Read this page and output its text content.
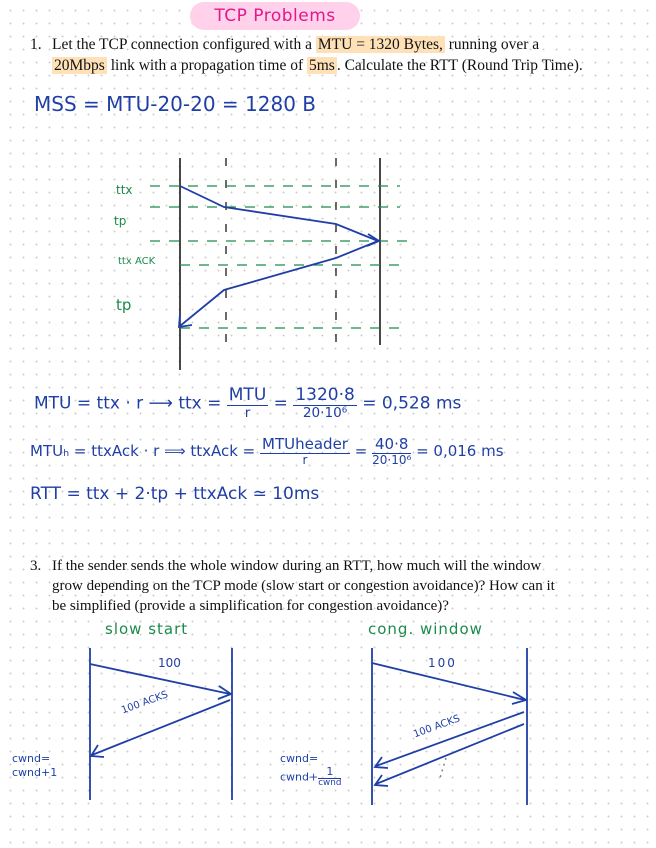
TCP Problems
1. Let the TCP connection configured with a MTU = 1320 Bytes, running over a
20Mbps link with a propagation time of 5ms . Calculate the RTT (Round Trip Time).
MSS = MTU-20-20 = 1280 B
ttx
tp
ttx ACK
tp
MTU = ttx · r ⟶ ttx = $\frac{\text{MTU}}{r} = \frac{1320\cdot 8}{\text{20·10⁶}} = 0,528$ ms
MTUₕ = ttxAck · r ⟹ ttxAck = $\frac{\text{MTUheader}}{r} = \frac{40\cdot 8}{\text{20·10⁶}} = 0,016$ ms
RTT = ttx + 2·tp + ttxAck ≃ 10ms
3. If the sender sends the whole window during an RTT, how much will the window
grow depending on the TCP mode (slow start or congestion avoidance)? How can it
be simplified (provide a simplification for congestion avoidance)?
slow start	cong. window
100
100 ACKS
cwnd=
cwnd+1
100
100 ACKS
cwnd=
cwnd+ $\frac{1}{\text{cwnd}}$
